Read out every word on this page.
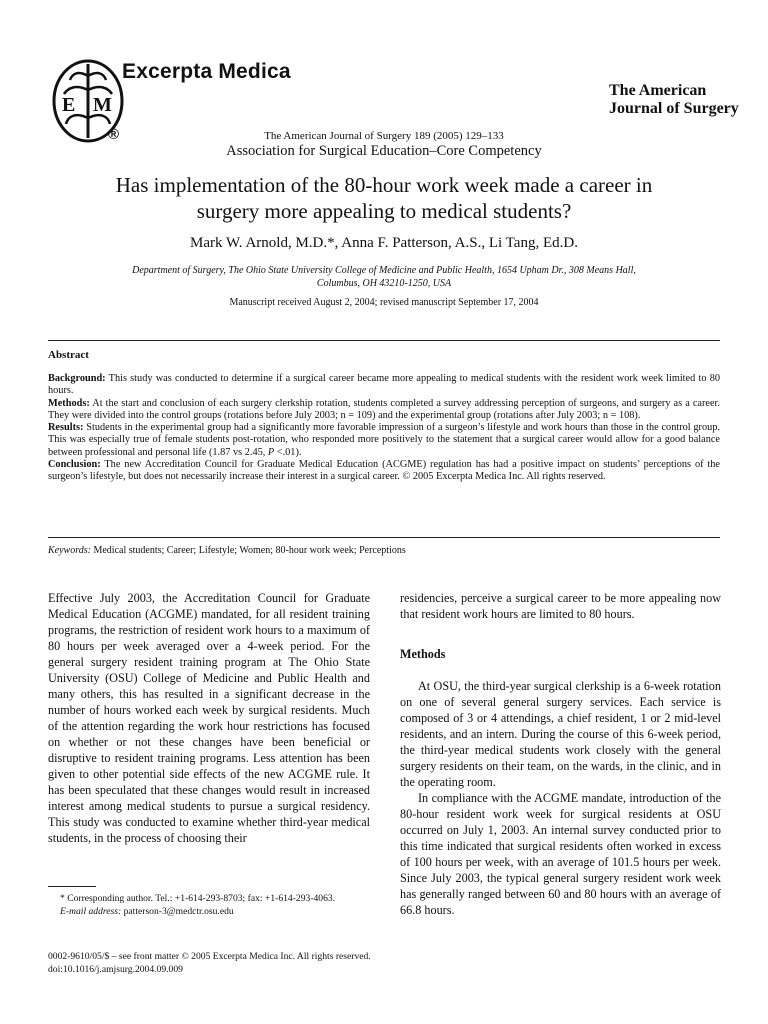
E M
Excerpta Medica
®
The American
Journal of Surgery
The American Journal of Surgery 189 (2005) 129–133
Association for Surgical Education–Core Competency
Has implementation of the 80-hour work week made a career in
surgery more appealing to medical students?
Mark W. Arnold, M.D.*, Anna F. Patterson, A.S., Li Tang, Ed.D.
Department of Surgery, The Ohio State University College of Medicine and Public Health, 1654 Upham Dr., 308 Means Hall,
Columbus, OH 43210-1250, USA
Manuscript received August 2, 2004; revised manuscript September 17, 2004
Abstract

Background: This study was conducted to determine if a surgical career became more appealing to medical students with the resident work week limited to 80 hours.

Methods: At the start and conclusion of each surgery clerkship rotation, students completed a survey addressing perception of surgeons, and surgery as a career. They were divided into the control groups (rotations before July 2003; n = 109) and the experimental group (rotations after July 2003; n = 108).

Results: Students in the experimental group had a significantly more favorable impression of a surgeon’s lifestyle and work hours than those in the control group. This was especially true of female students post-rotation, who responded more positively to the statement that a surgical career would allow for a good balance between professional and personal life (1.87 vs 2.45, P <.01).

Conclusion: The new Accreditation Council for Graduate Medical Education (ACGME) regulation has had a positive impact on students’ perceptions of the surgeon’s lifestyle, but does not necessarily increase their interest in a surgical career. © 2005 Excerpta Medica Inc. All rights reserved.

Keywords: Medical students; Career; Lifestyle; Women; 80-hour work week; Perceptions

Effective July 2003, the Accreditation Council for Graduate Medical Education (ACGME) mandated, for all resident training programs, the restriction of resident work hours to a maximum of 80 hours per week averaged over a 4-week period. For the general surgery resident training program at The Ohio State University (OSU) College of Medicine and Public Health and many others, this has resulted in a significant decrease in the number of hours worked each week by surgical residents. Much of the attention regarding the work hour restrictions has focused on whether or not these changes have been beneficial or disruptive to resident training programs. Less attention has been given to other potential side effects of the new ACGME rule. It has been speculated that these changes would result in increased interest among medical students to pursue a surgical residency. This study was conducted to examine whether third-year medical students, in the process of choosing their

residencies, perceive a surgical career to be more appealing now that resident work hours are limited to 80 hours.

Methods

At OSU, the third-year surgical clerkship is a 6-week rotation on one of several general surgery services. Each service is composed of 3 or 4 attendings, a chief resident, 1 or 2 mid-level residents, and an intern. During the course of this 6-week period, the third-year medical students work closely with the general surgery residents on their team, on the wards, in the clinic, and in the operating room.

In compliance with the ACGME mandate, introduction of the 80-hour resident work week for surgical residents at OSU occurred on July 1, 2003. An internal survey conducted prior to this time indicated that surgical residents often worked in excess of 100 hours per week, with an average of 101.5 hours per week. Since July 2003, the typical general surgery resident work week has generally ranged between 60 and 80 hours with an average of 66.8 hours.

* Corresponding author. Tel.: +1-614-293-8703; fax: +1-614-293-4063.

E-mail address: patterson-3@medctr.osu.edu

0002-9610/05/$ – see front matter © 2005 Excerpta Medica Inc. All rights reserved.
doi:10.1016/j.amjsurg.2004.09.009
